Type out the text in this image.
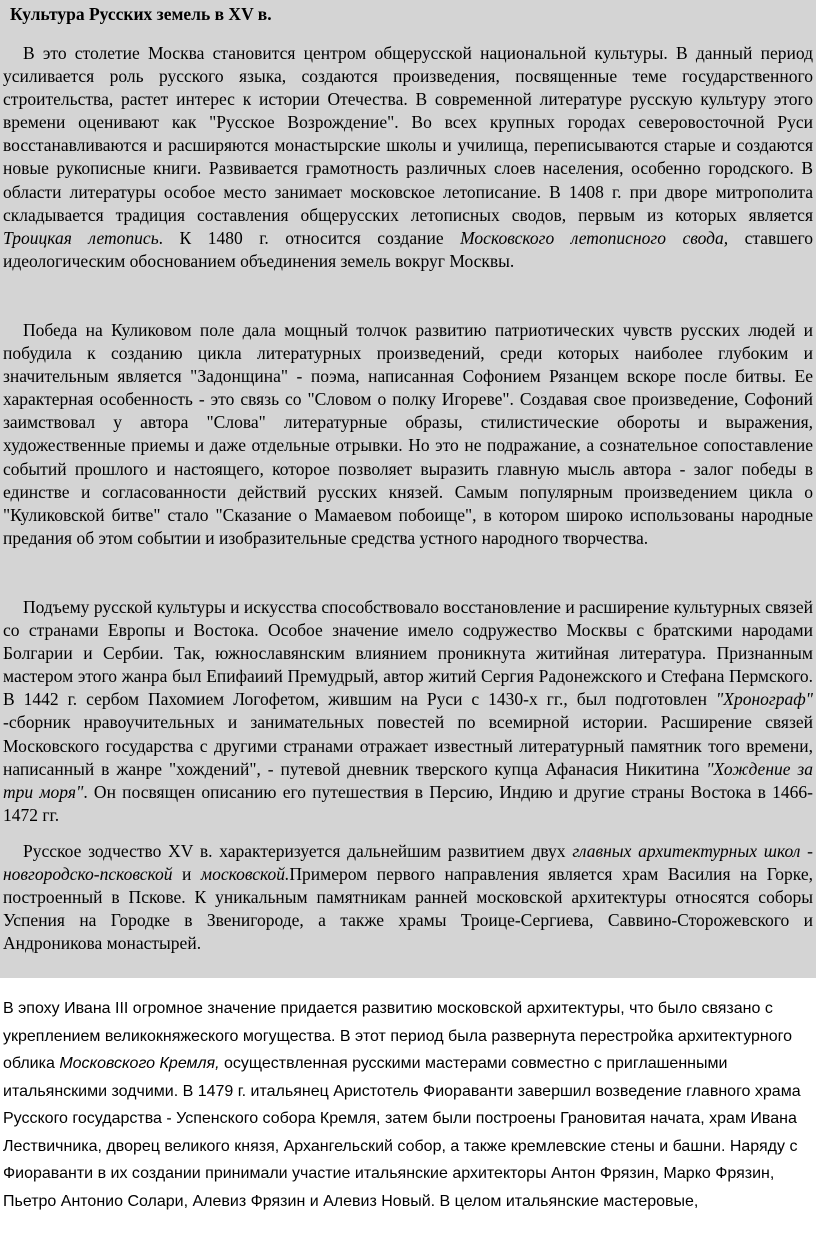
Культура Русских земель в XV в.

В это столетие Москва становится центром общерусской национальной культуры. В данный период усиливается роль русского языка, создаются произведения, посвященные теме государственного строительства, растет интерес к истории Отечества. В современной литературе русскую культуру этого времени оценивают как "Русское Возрождение". Во всех крупных городах северовосточной Руси восстанавливаются и расширяются монастырские школы и училища, переписываются старые и создаются новые рукописные книги. Развивается грамотность различных слоев населения, особенно городского. В области литературы особое место занимает московское летописание. В 1408 г. при дворе митрополита складывается традиция составления общерусских летописных сводов, первым из которых является Троицкая летопись. К 1480 г. относится создание Московского летописного свода, ставшего идеологическим обоснованием объединения земель вокруг Москвы.

Победа на Куликовом поле дала мощный толчок развитию патриотических чувств русских людей и побудила к созданию цикла литературных произведений, среди которых наиболее глубоким и значительным является "Задонщина" - поэма, написанная Софонием Рязанцем вскоре после битвы. Ее характерная особенность - это связь со "Словом о полку Игореве". Создавая свое произведение, Софоний заимствовал у автора "Слова" литературные образы, стилистические обороты и выражения, художественные приемы и даже отдельные отрывки. Но это не подражание, а сознательное сопоставление событий прошлого и настоящего, которое позволяет выразить главную мысль автора - залог победы в единстве и согласованности действий русских князей. Самым популярным произведением цикла о "Куликовской битве" стало "Сказание о Мамаевом побоище", в котором широко использованы народные предания об этом событии и изобразительные средства устного народного творчества.

Подъему русской культуры и искусства способствовало восстановление и расширение культурных связей со странами Европы и Востока. Особое значение имело содружество Москвы с братскими народами Болгарии и Сербии. Так, южнославянским влиянием проникнута житийная литература. Признанным мастером этого жанра был Епифаиий Премудрый, автор житий Сергия Радонежского и Стефана Пермского. В 1442 г. сербом Пахомием Логофетом, жившим на Руси с 1430-х гг., был подготовлен "Хронограф" -сборник нравоучительных и занимательных повестей по всемирной истории. Расширение связей Московского государства с другими странами отражает известный литературный памятник того времени, написанный в жанре "хождений", - путевой дневник тверского купца Афанасия Никитина "Хождение за три моря". Он посвящен описанию его путешествия в Персию, Индию и другие страны Востока в 1466-1472 гг.

Русское зодчество XV в. характеризуется дальнейшим развитием двух главных архитектурных школ - новгородско-псковской и московской.Примером первого направления является храм Василия на Горке, построенный в Пскове. К уникальным памятникам ранней московской архитектуры относятся соборы Успения на Городке в Звенигороде, а также храмы Троице-Сергиева, Саввино-Сторожевского и Андроникова монастырей.

В эпоху Ивана III огромное значение придается развитию московской архитектуры, что было связано с укреплением великокняжеского могущества. В этот период была развернута перестройка архитектурного облика Московского Кремля, осуществленная русскими мастерами совместно с приглашенными итальянскими зодчими. В 1479 г. итальянец Аристотель Фиораванти завершил возведение главного храма Русского государства - Успенского собора Кремля, затем были построены Грановитая начата, храм Ивана Лествичника, дворец великого князя, Архангельский собор, а также кремлевские стены и башни. Наряду с Фиораванти в их создании принимали участие итальянские архитекторы Антон Фрязин, Марко Фрязин, Пьетро Антонио Солари, Алевиз Фрязин и Алевиз Новый. В целом итальянские мастеровые,
